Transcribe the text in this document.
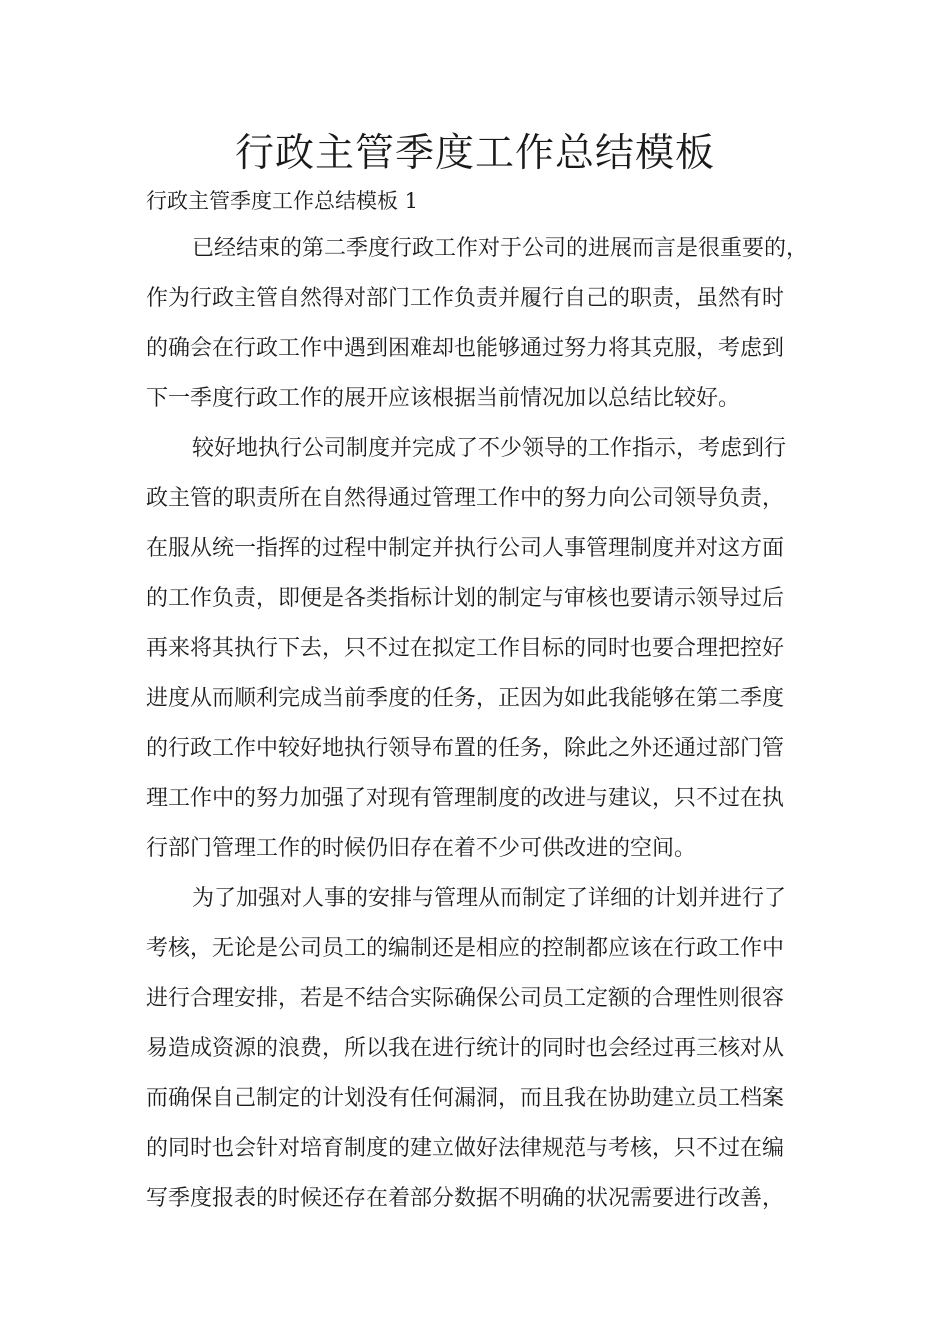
行政主管季度工作总结模板

行政主管季度工作总结模板 1

已经结束的第二季度行政工作对于公司的进展而言是很重要的，

作为行政主管自然得对部门工作负责并履行自己的职责，虽然有时

的确会在行政工作中遇到困难却也能够通过努力将其克服，考虑到

下一季度行政工作的展开应该根据当前情况加以总结比较好。

较好地执行公司制度并完成了不少领导的工作指示，考虑到行

政主管的职责所在自然得通过管理工作中的努力向公司领导负责，

在服从统一指挥的过程中制定并执行公司人事管理制度并对这方面

的工作负责，即便是各类指标计划的制定与审核也要请示领导过后

再来将其执行下去，只不过在拟定工作目标的同时也要合理把控好

进度从而顺利完成当前季度的任务，正因为如此我能够在第二季度

的行政工作中较好地执行领导布置的任务，除此之外还通过部门管

理工作中的努力加强了对现有管理制度的改进与建议，只不过在执

行部门管理工作的时候仍旧存在着不少可供改进的空间。

为了加强对人事的安排与管理从而制定了详细的计划并进行了

考核，无论是公司员工的编制还是相应的控制都应该在行政工作中

进行合理安排，若是不结合实际确保公司员工定额的合理性则很容

易造成资源的浪费，所以我在进行统计的同时也会经过再三核对从

而确保自己制定的计划没有任何漏洞，而且我在协助建立员工档案

的同时也会针对培育制度的建立做好法律规范与考核，只不过在编

写季度报表的时候还存在着部分数据不明确的状况需要进行改善，
